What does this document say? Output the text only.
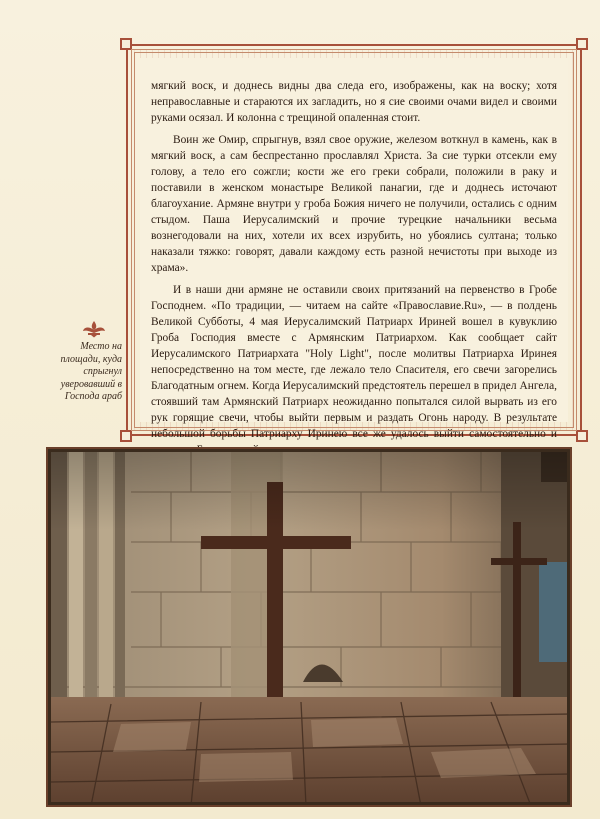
мягкий воск, и доднесь видны два следа его, изображены, как на воску; хотя неправославные и стараются их загладить, но я сие своими очами видел и своими руками осязал. И колонна с трещиной опаленная стоит.

Воин же Омир, спрыгнув, взял свое оружие, железом воткнул в камень, как в мягкий воск, а сам беспрестанно прославлял Христа. За сие турки отсекли ему голову, а тело его сожгли; кости же его греки собрали, положили в раку и поставили в женском монастыре Великой панагии, где и доднесь источают благоухание. Армяне внутри у гроба Божия ничего не получили, остались с одним стыдом. Паша Иерусалимский и прочие турецкие начальники весьма вознегодовали на них, хотели их всех изрубить, но убоялись султана; только наказали тяжко: говорят, давали каждому есть разной нечистоты при выходе из храма».

И в наши дни армяне не оставили своих притязаний на первенство в Гробе Господнем. «По традиции, — читаем на сайте «Православие.Ru», — в полдень Великой Субботы, 4 мая Иерусалимский Патриарх Ириней вошел в кувуклию Гроба Господия вместе с Армянским Патриархом. Как сообщает сайт Иерусалимского Патриархата "Holy Light", после молитвы Патриарха Иринея непосредственно на том месте, где лежало тело Спасителя, его свечи загорелись Благодатным огнем. Когда Иерусалимский предстоятель перешел в придел Ангела, стоявший там Армянский Патриарх неожиданно попытался силой вырвать из его рук горящие свечи, чтобы выйти первым и раздать Огонь народу. В результате небольшой борьбы Патриарху Иринею все же удалось выйти самостоятельно и

Место на площади, куда спрыгнул уверовавший в Господа араб
